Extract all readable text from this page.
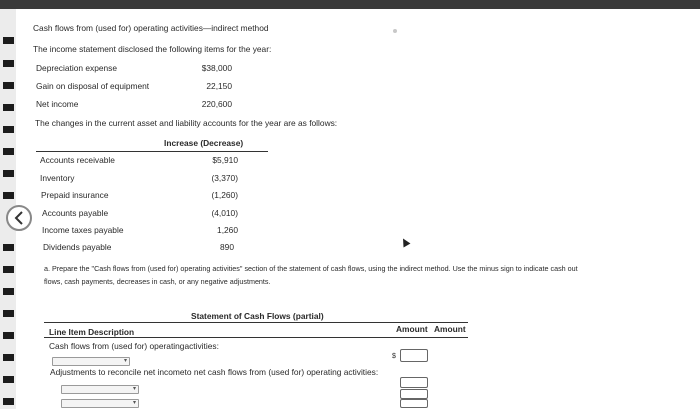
Cash flows from (used for) operating activities—indirect method
The income statement disclosed the following items for the year:
Depreciation expense	$38,000
Gain on disposal of equipment	22,150
Net income	220,600
The changes in the current asset and liability accounts for the year are as follows:
Increase (Decrease)
Accounts receivable	$5,910
Inventory	(3,370)
Prepaid insurance	(1,260)
Accounts payable	(4,010)
Income taxes payable	1,260
Dividends payable	890
a. Prepare the "Cash flows from (used for) operating activities" section of the statement of cash flows, using the indirect method. Use the minus sign to indicate cash out
flows, cash payments, decreases in cash, or any negative adjustments.
Statement of Cash Flows (partial)
Line Item Description	Amount Amount
Cash flows from (used for) operatingactivities:
▾
$
Adjustments to reconcile net incometo net cash flows from (used for) operating activities:
▾
▾
